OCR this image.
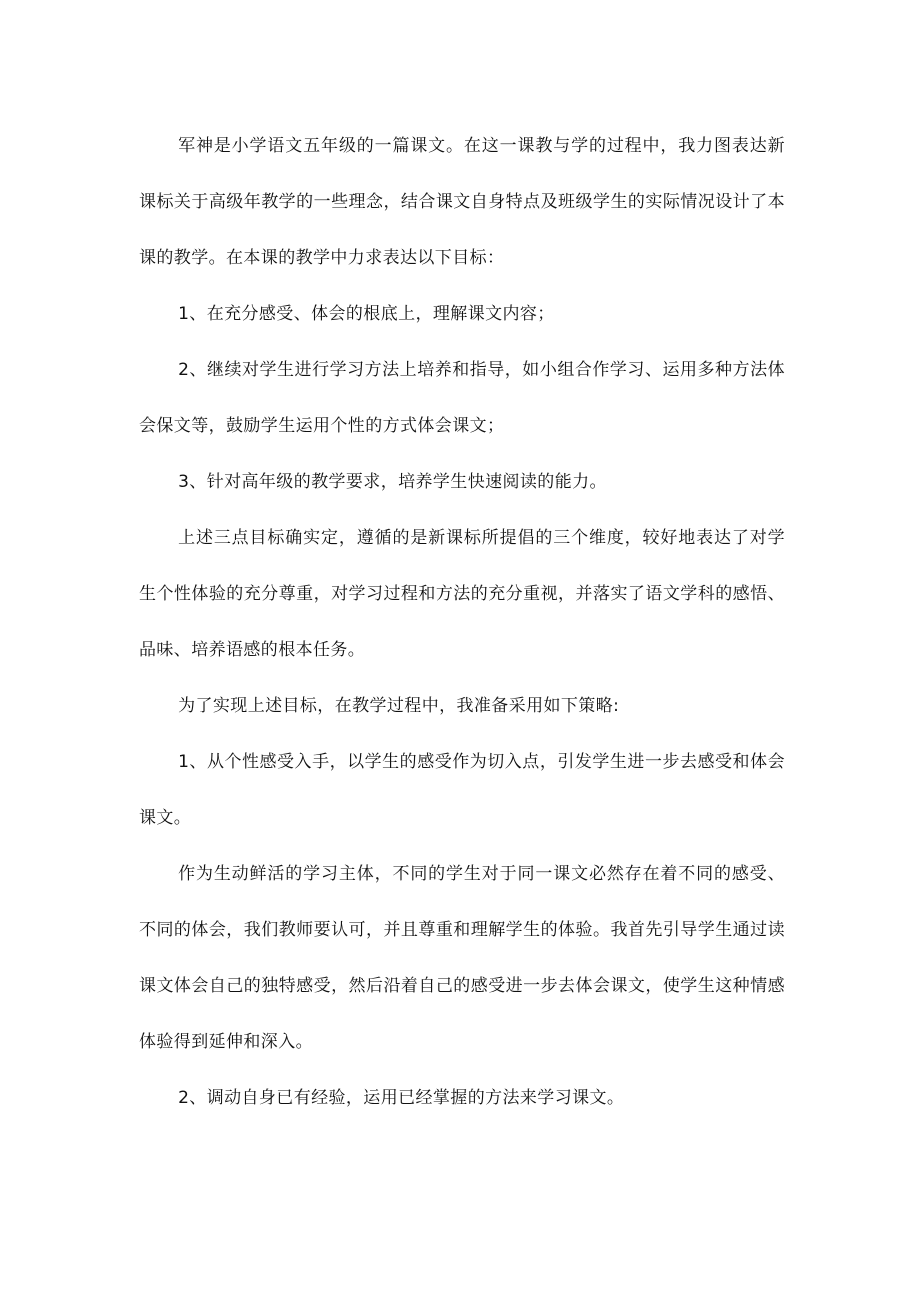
军神是小学语文五年级的一篇课文。在这一课教与学的过程中，我力图表达新课标关于高级年教学的一些理念，结合课文自身特点及班级学生的实际情况设计了本课的教学。在本课的教学中力求表达以下目标：

1、在充分感受、体会的根底上，理解课文内容；

2、继续对学生进行学习方法上培养和指导，如小组合作学习、运用多种方法体会保文等，鼓励学生运用个性的方式体会课文；

3、针对高年级的教学要求，培养学生快速阅读的能力。

上述三点目标确实定，遵循的是新课标所提倡的三个维度，较好地表达了对学生个性体验的充分尊重，对学习过程和方法的充分重视，并落实了语文学科的感悟、品味、培养语感的根本任务。

为了实现上述目标，在教学过程中，我准备采用如下策略:

1、从个性感受入手，以学生的感受作为切入点，引发学生进一步去感受和体会课文。

作为生动鲜活的学习主体，不同的学生对于同一课文必然存在着不同的感受、不同的体会，我们教师要认可，并且尊重和理解学生的体验。我首先引导学生通过读课文体会自己的独特感受，然后沿着自己的感受进一步去体会课文，使学生这种情感体验得到延伸和深入。

2、调动自身已有经验，运用已经掌握的方法来学习课文。
